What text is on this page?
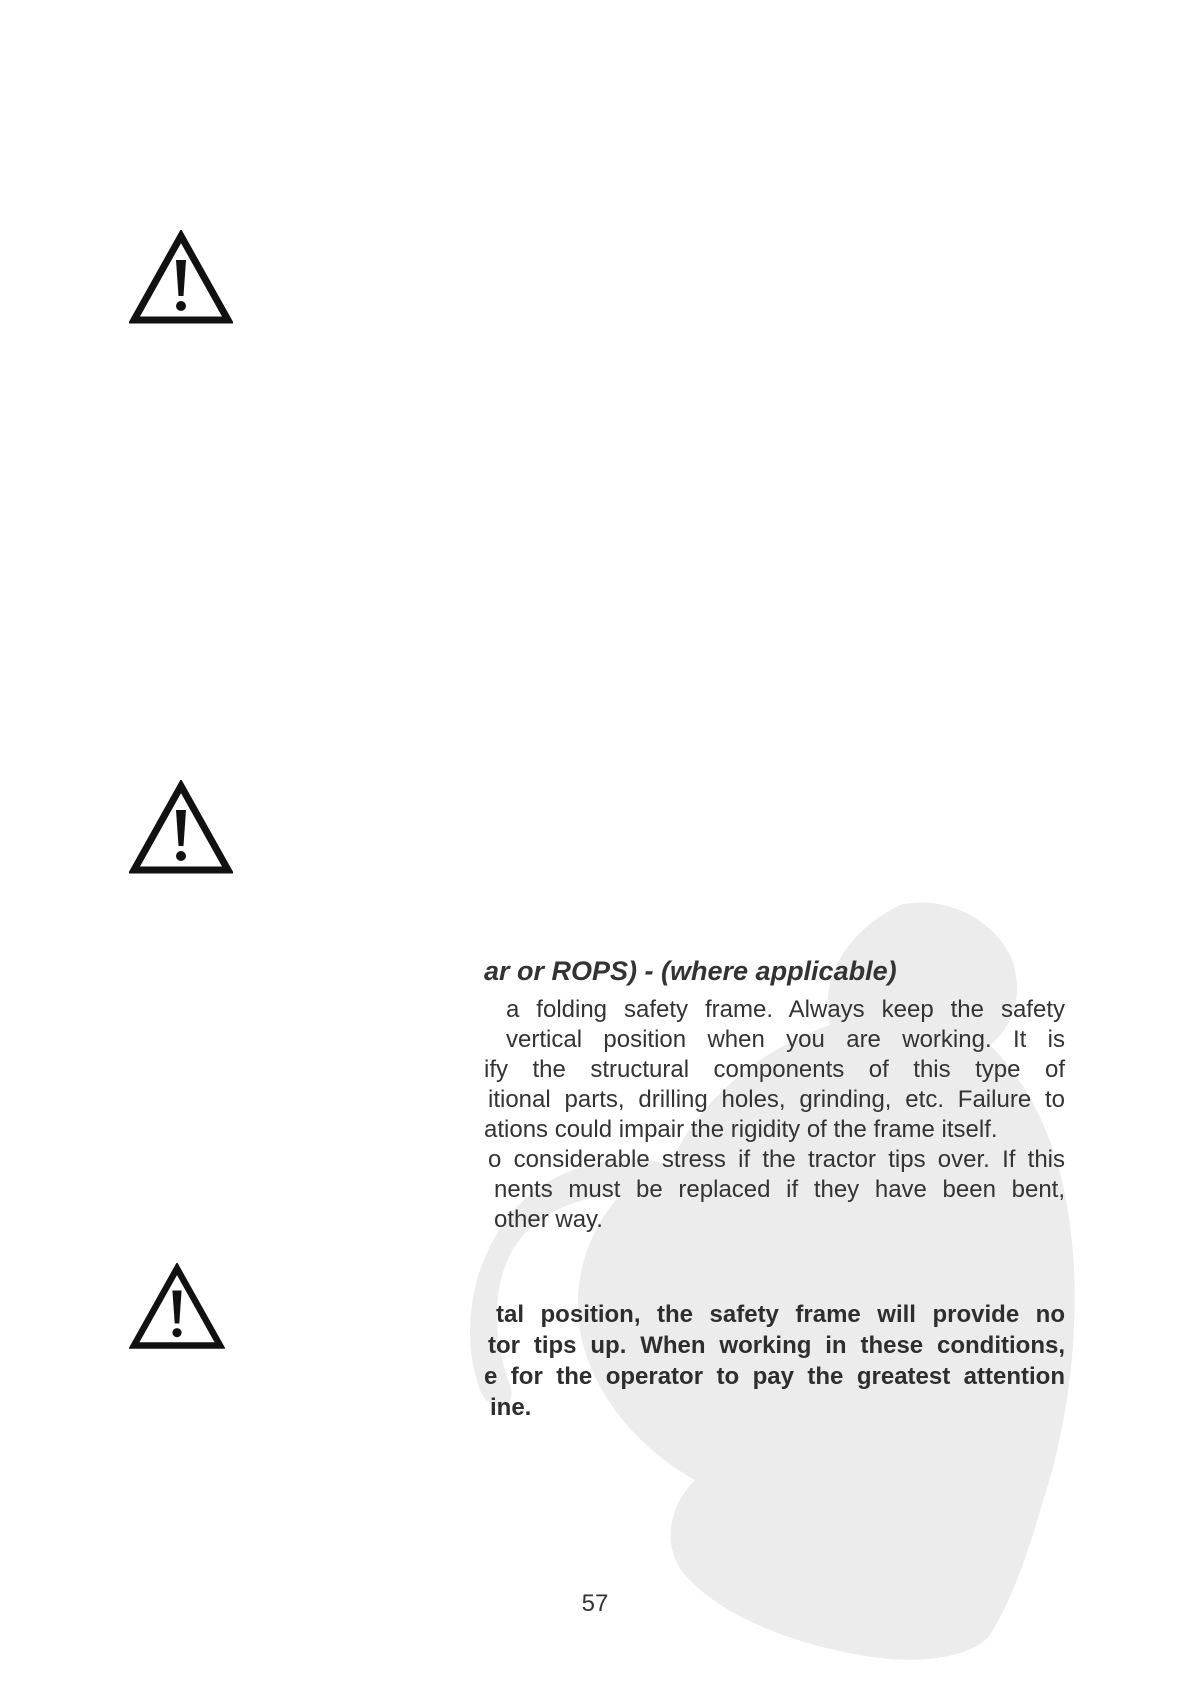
ar or ROPS) - (where applicable)
a folding safety frame. Always keep the safety
vertical position when you are working. It is
ify the structural components of this type of
itional parts, drilling holes, grinding, etc. Failure to
ations could impair the rigidity of the frame itself.
o considerable stress if the tractor tips over. If this
nents must be replaced if they have been bent,
other way.
tal position, the safety frame will provide no
tor tips up. When working in these conditions,
e for the operator to pay the greatest attention
ine.
57
